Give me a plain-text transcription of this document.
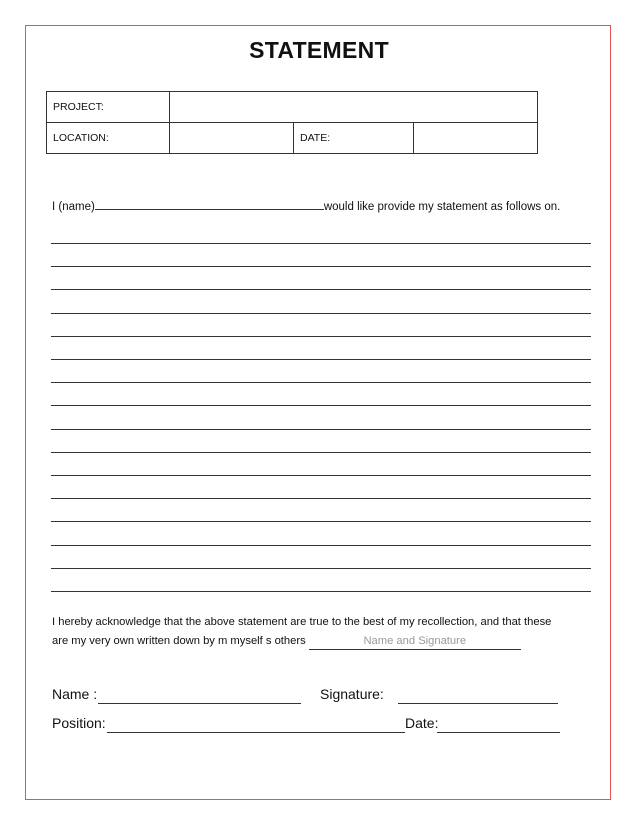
STATEMENT
PROJECT:			
LOCATION:		DATE:	
I (name)	would like provide my statement as follows on.
I hereby acknowledge that the above statement are true to the best of my recollection, and that these
are my very own written down by m myself s others	Name and Signature
Name :	Signature:
Position:	Date:
